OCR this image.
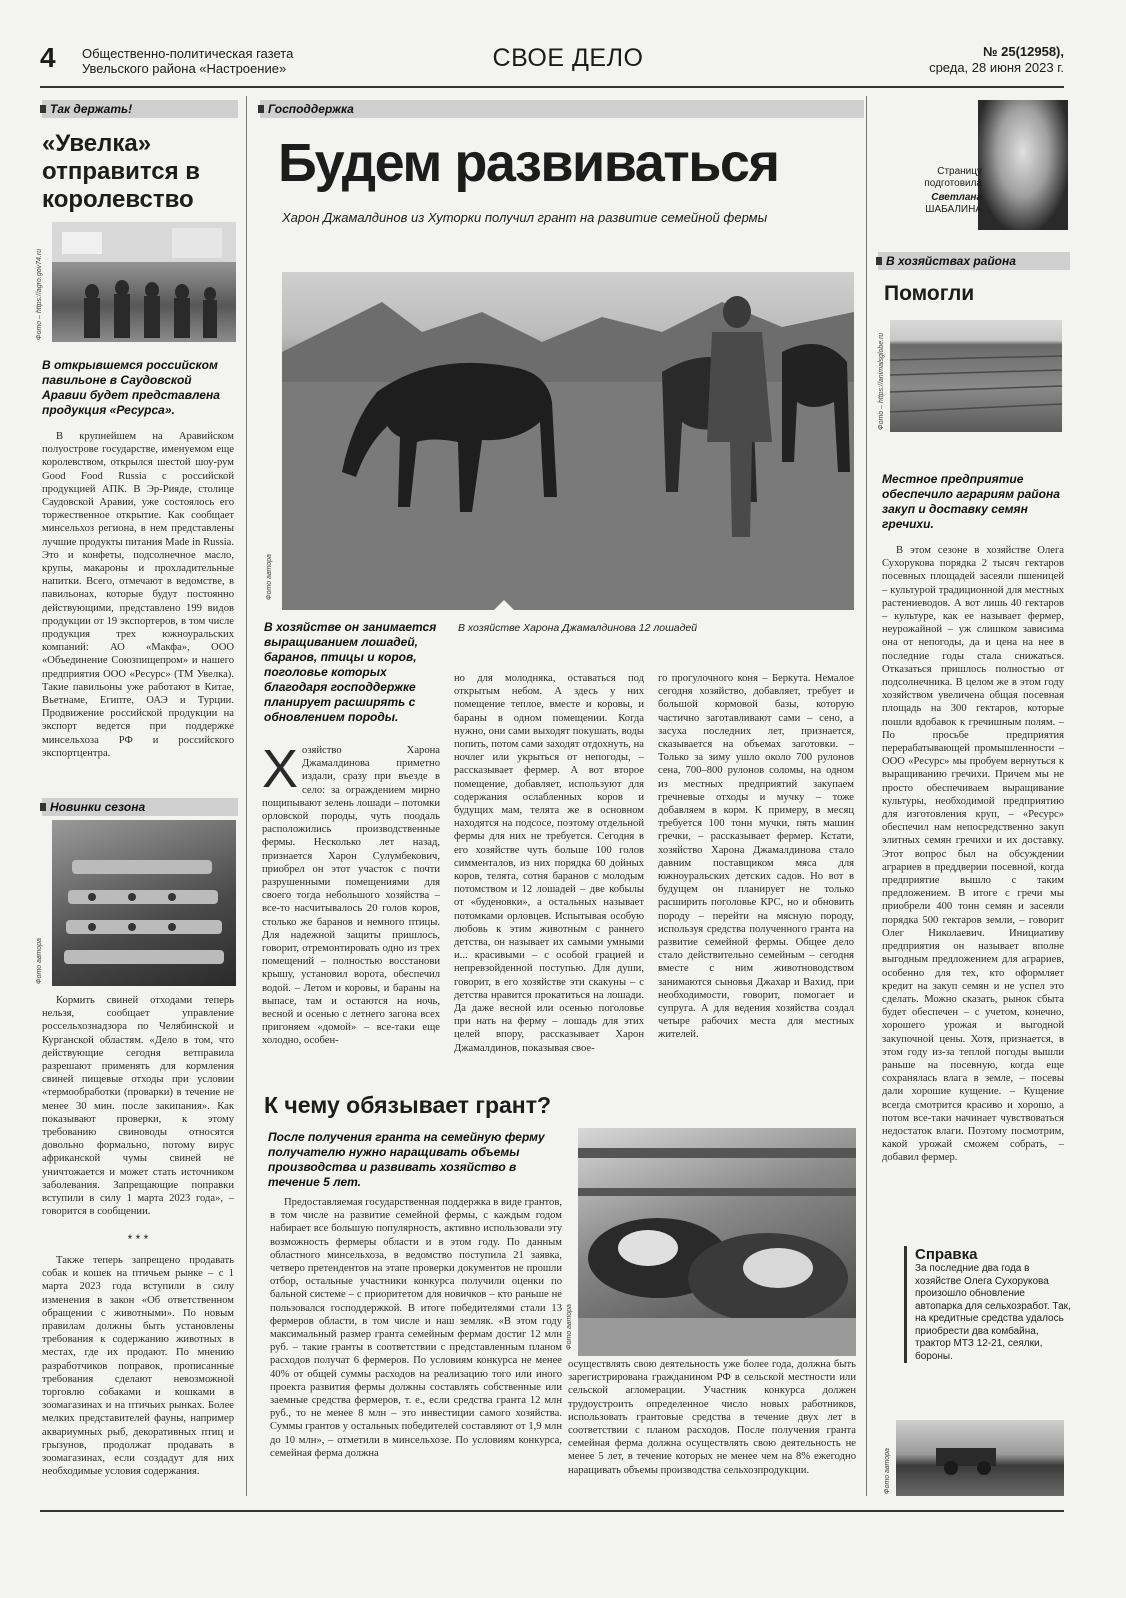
4 Общественно-политическая газета
Увельского района «Настроение»	СВОЕ ДЕЛО	№ 25(12958),
среда, 28 июня 2023 г.
Так держать!
«Увелка» отправится в королевство
Фото – https://agro.gov74.ru
В открывшемся российском павильоне в Саудовской Аравии будет представлена продукция «Ресурса».

В крупнейшем на Аравийском полуострове государстве, именуемом еще королевством, открылся шестой шоу-рум Good Food Russia с российской продукцией АПК. В Эр-Рияде, столице Саудовской Аравии, уже состоялось его торжественное открытие. Как сообщает минсельхоз региона, в нем представлены лучшие продукты питания Made in Russia. Это и конфеты, подсолнечное масло, крупы, макароны и прохладительные напитки. Всего, отмечают в ведомстве, в павильонах, которые будут постоянно действующими, представлено 199 видов продукции от 19 экспортеров, в том числе продукция трех южноуральских компаний: АО «Макфа», ООО «Объединение Союзпищепром» и нашего предприятия ООО «Ресурс» (ТМ Увелка). Такие павильоны уже работают в Китае, Вьетнаме, Египте, ОАЭ и Турции. Продвижение российской продукции на экспорт ведется при поддержке минсельхоза РФ и российского экспортцентра.

Новинки сезона
Фото автора

Кормить свиней отходами теперь нельзя, сообщает управление россельхознадзора по Челябинской и Курганской областям. «Дело в том, что действующие сегодня ветправила разрешают применять для кормления свиней пищевые отходы при условии «термообработки (проварки) в течение не менее 30 мин. после закипания». Как показывают проверки, к этому требованию свиноводы относятся довольно формально, потому вирус африканской чумы свиней не уничтожается и может стать источником заболевания. Запрещающие поправки вступили в силу 1 марта 2023 года», – говорится в сообщении.

* * *

Также теперь запрещено продавать собак и кошек на птичьем рынке – с 1 марта 2023 года вступили в силу изменения в закон «Об ответственном обращении с животными». По новым правилам должны быть установлены требования к содержанию животных в местах, где их продают. По мнению разработчиков поправок, прописанные требования сделают невозможной торговлю собаками и кошками в зоомагазинах и на птичьих рынках. Более мелких представителей фауны, например аквариумных рыб, декоративных птиц и грызунов, продолжат продавать в зоомагазинах, если создадут для них необходимые условия содержания.

Господдержка
Будем развиваться
Харон Джамалдинов из Хуторки получил грант на развитие семейной фермы
Фото автора
В хозяйстве он занимается выращиванием лошадей, баранов, птицы и коров, поголовье которых благодаря господдержке планирует расширять с обновлением породы.
В хозяйстве Харона Джамалдинова 12 лошадей
Х озяйство Харона Джамалдинова приметно издали, сразу при въезде в село: за ограждением мирно пощипывают зелень лошади – потомки орловской породы, чуть поодаль расположились производственные фермы. Несколько лет назад, признается Харон Сулумбекович, приобрел он этот участок с почти разрушенными помещениями для своего тогда небольшого хозяйства – все-то насчитывалось 20 голов коров, столько же баранов и немного птицы. Для надежной защиты пришлось, говорит, отремонтировать одно из трех помещений – полностью восстанови крышу, установил ворота, обеспечил водой. – Летом и коровы, и бараны на выпасе, там и остаются на ночь, весной и осенью с летнего загона всех пригоняем «домой» – все-таки еще холодно, особен-

но для молодняка, оставаться под открытым небом. А здесь у них помещение теплое, вместе и коровы, и бараны в одном помещении. Когда нужно, они сами выходят покушать, воды попить, потом сами заходят отдохнуть, на ночлег или укрыться от непогоды, – рассказывает фермер. А вот второе помещение, добавляет, используют для содержания ослабленных коров и будущих мам, телята же в основном находятся на подсосе, поэтому отдельной фермы для них не требуется. Сегодня в его хозяйстве чуть больше 100 голов симменталов, из них порядка 60 дойных коров, телята, сотня баранов с молодым потомством и 12 лошадей – две кобылы от «буденовки», а остальных называет потомками орловцев. Испытывая особую любовь к этим животным с раннего детства, он называет их самыми умными и... красивыми – с особой грацией и непревзойденной поступью. Для души, говорит, в его хозяйстве эти скакуны – с детства нравится прокатиться на лошади. Да даже весной или осенью поголовье при нать на ферму – лошадь для этих целей впору, рассказывает Харон Джамалдинов, показывая свое-

го прогулочного коня – Беркута. Немалое сегодня хозяйство, добавляет, требует и большой кормовой базы, которую частично заготавливают сами – сено, а засуха последних лет, признается, сказывается на объемах заготовки. – Только за зиму ушло около 700 рулонов сена, 700–800 рулонов соломы, на одном из местных предприятий закупаем гречневые отходы и мучку – тоже добавляем в корм. К примеру, в месяц требуется 100 тонн мучки, пять машин гречки, – рассказывает фермер. Кстати, хозяйство Харона Джамалдинова стало давним поставщиком мяса для южноуральских детских садов. Но вот в будущем он планирует не только расширить поголовье КРС, но и обновить породу – перейти на мясную породу, используя средства полученного гранта на развитие семейной фермы. Общее дело стало действительно семейным – сегодня вместе с ним животноводством занимаются сыновья Джахар и Вахид, при необходимости, говорит, помогает и супруга. А для ведения хозяйства создал четыре рабочих места для местных жителей.

К чему обязывает грант?
После получения гранта на семейную ферму получателю нужно наращивать объемы производства и развивать хозяйство в течение 5 лет.
Фото автора

Предоставляемая государственная поддержка в виде грантов, в том числе на развитие семейной фермы, с каждым годом набирает все большую популярность, активно использовали эту возможность фермеры области и в этом году. По данным областного минсельхоза, в ведомство поступила 21 заявка, четверо претендентов на этапе проверки документов не прошли отбор, остальные участники конкурса получили оценки по бальной системе – с приоритетом для новичков – кто раньше не пользовался господдержкой. В итоге победителями стали 13 фермеров области, в том числе и наш земляк. «В этом году максимальный размер гранта семейным фермам достиг 12 млн руб. – такие гранты в соответствии с представленным планом расходов получат 6 фермеров. По условиям конкурса не менее 40% от общей суммы расходов на реализацию того или иного проекта развития фермы должны составлять собственные или заемные средства фермеров, т. е., если средства гранта 12 млн руб., то не менее 8 млн – это инвестиции самого хозяйства. Суммы грантов у остальных победителей составляют от 1,9 млн до 10 млн», – отметили в минсельхозе. По условиям конкурса, семейная ферма должна

осуществлять свою деятельность уже более года, должна быть зарегистрирована гражданином РФ в сельской местности или сельской агломерации. Участник конкурса должен трудоустроить определенное число новых работников, использовать грантовые средства в течение двух лет в соответствии с планом расходов. После получения гранта семейная ферма должна осуществлять свою деятельность не менее 5 лет, в течение которых не менее чем на 8% ежегодно наращивать объемы производства сельхозпродукции.

Страницу подготовила
Светлана
ШАБАЛИНА
В хозяйствах района
Помогли
Фото – https://animalsglobe.ru
Местное предприятие обеспечило аграриям района закуп и доставку семян гречихи.

В этом сезоне в хозяйстве Олега Сухорукова порядка 2 тысяч гектаров посевных площадей засеяли пшеницей – культурой традиционной для местных растениеводов. А вот лишь 40 гектаров – культуре, как ее называет фермер, неурожайной – уж слишком зависима она от непогоды, да и цена на нее в последние годы стала снижаться. Отказаться пришлось полностью от подсолнечника. В целом же в этом году хозяйством увеличена общая посевная площадь на 300 гектаров, которые пошли вдобавок к гречишным полям. – По просьбе предприятия перерабатывающей промышленности – ООО «Ресурс» мы пробуем вернуться к выращиванию гречихи. Причем мы не просто обеспечиваем выращивание культуры, необходимой предприятию для изготовления круп, – «Ресурс» обеспечил нам непосредственно закуп элитных семян гречихи и их доставку. Этот вопрос был на обсуждении аграриев в преддверии посевной, когда предприятие вышло с таким предложением. В итоге с гречи мы приобрели 400 тонн семян и засеяли порядка 500 гектаров земли, – говорит Олег Николаевич. Инициативу предприятия он называет вполне выгодным предложением для аграриев, особенно для тех, кто оформляет кредит на закуп семян и не успел это сделать. Можно сказать, рынок сбыта будет обеспечен – с учетом, конечно, хорошего урожая и выгодной закупочной цены. Хотя, признается, в этом году из-за теплой погоды вышли раньше на посевную, когда еще сохранялась влага в земле, – посевы дали хорошие кущение. – Кущение всегда смотрится красиво и хорошо, а потом все-таки начинает чувствоваться недостаток влаги. Поэтому посмотрим, какой урожай сможем собрать, – добавил фермер.

Справка
За последние два года в хозяйстве Олега Сухорукова произошло обновление автопарка для сельхозработ. Так, на кредитные средства удалось приобрести два комбайна, трактор МТЗ 12-21, сеялки, бороны.
Фото автора
